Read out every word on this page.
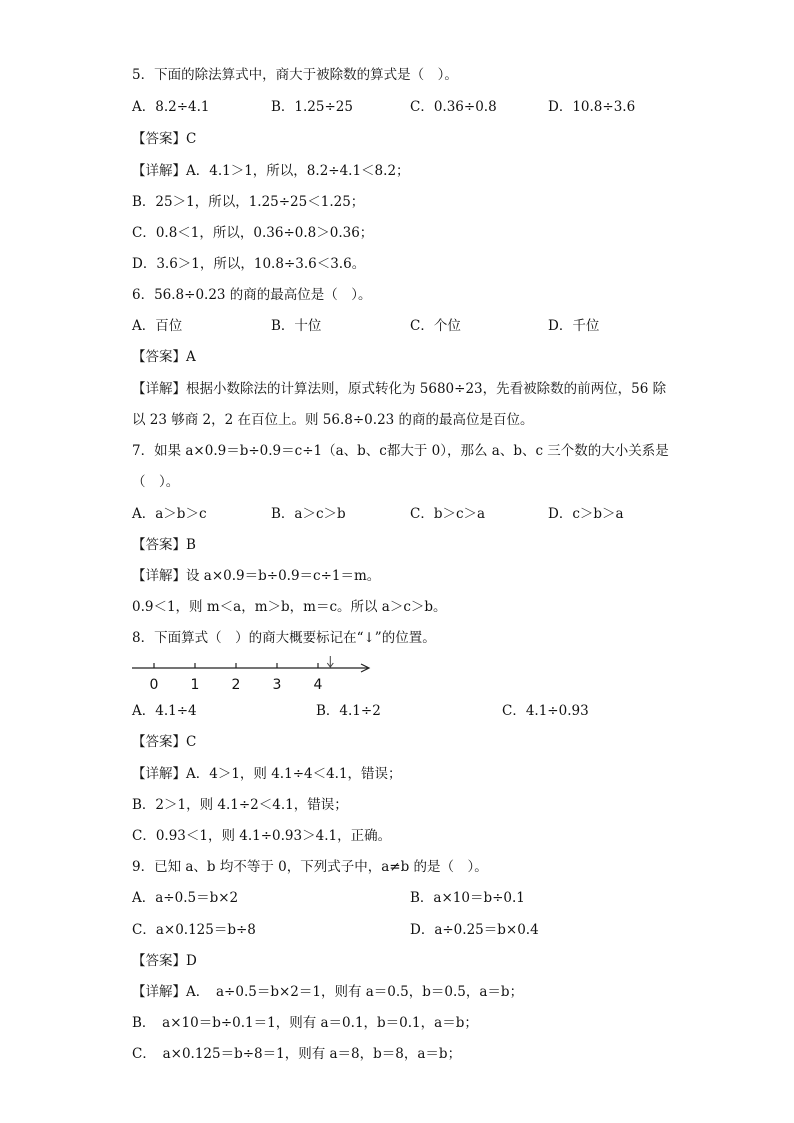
5．下面的除法算式中，商大于被除数的算式是（　）。
A．8.2÷4.1	B．1.25÷25	C．0.36÷0.8	D．10.8÷3.6
【答案】C
【详解】A．4.1＞1，所以，8.2÷4.1＜8.2；
B．25＞1，所以，1.25÷25＜1.25；
C．0.8＜1，所以，0.36÷0.8＞0.36；
D．3.6＞1，所以，10.8÷3.6＜3.6。
6．56.8÷0.23 的商的最高位是（　）。
A．百位	B．十位	C．个位	D．千位
【答案】A
【详解】根据小数除法的计算法则，原式转化为 5680÷23，先看被除数的前两位，56 除
以 23 够商 2，2 在百位上。则 56.8÷0.23 的商的最高位是百位。
7．如果 a×0.9＝b÷0.9＝c÷1（a、b、c都大于 0），那么 a、b、c 三个数的大小关系是
（　）。
A．a＞b＞c	B．a＞c＞b	C．b＞c＞a	D．c＞b＞a
【答案】B
【详解】设 a×0.9＝b÷0.9＝c÷1＝m。
0.9＜1，则 m＜a，m＞b，m＝c。所以 a＞c＞b。
8．下面算式（　）的商大概要标记在“↓”的位置。
0 1 2 3 4
A．4.1÷4	B．4.1÷2	C．4.1÷0.93
【答案】C
【详解】A．4＞1，则 4.1÷4＜4.1，错误；
B．2＞1，则 4.1÷2＜4.1，错误；
C．0.93＜1，则 4.1÷0.93＞4.1，正确。
9．已知 a、b 均不等于 0，下列式子中，a≠b 的是（　）。
A．a÷0.5＝b×2	B．a×10＝b÷0.1
C．a×0.125＝b÷8	D．a÷0.25＝b×0.4
【答案】D
【详解】A．　a÷0.5＝b×2＝1，则有 a＝0.5，b＝0.5，a＝b；
B．　a×10＝b÷0.1＝1，则有 a＝0.1，b＝0.1，a＝b；
C．　a×0.125＝b÷8＝1，则有 a＝8，b＝8，a＝b；
